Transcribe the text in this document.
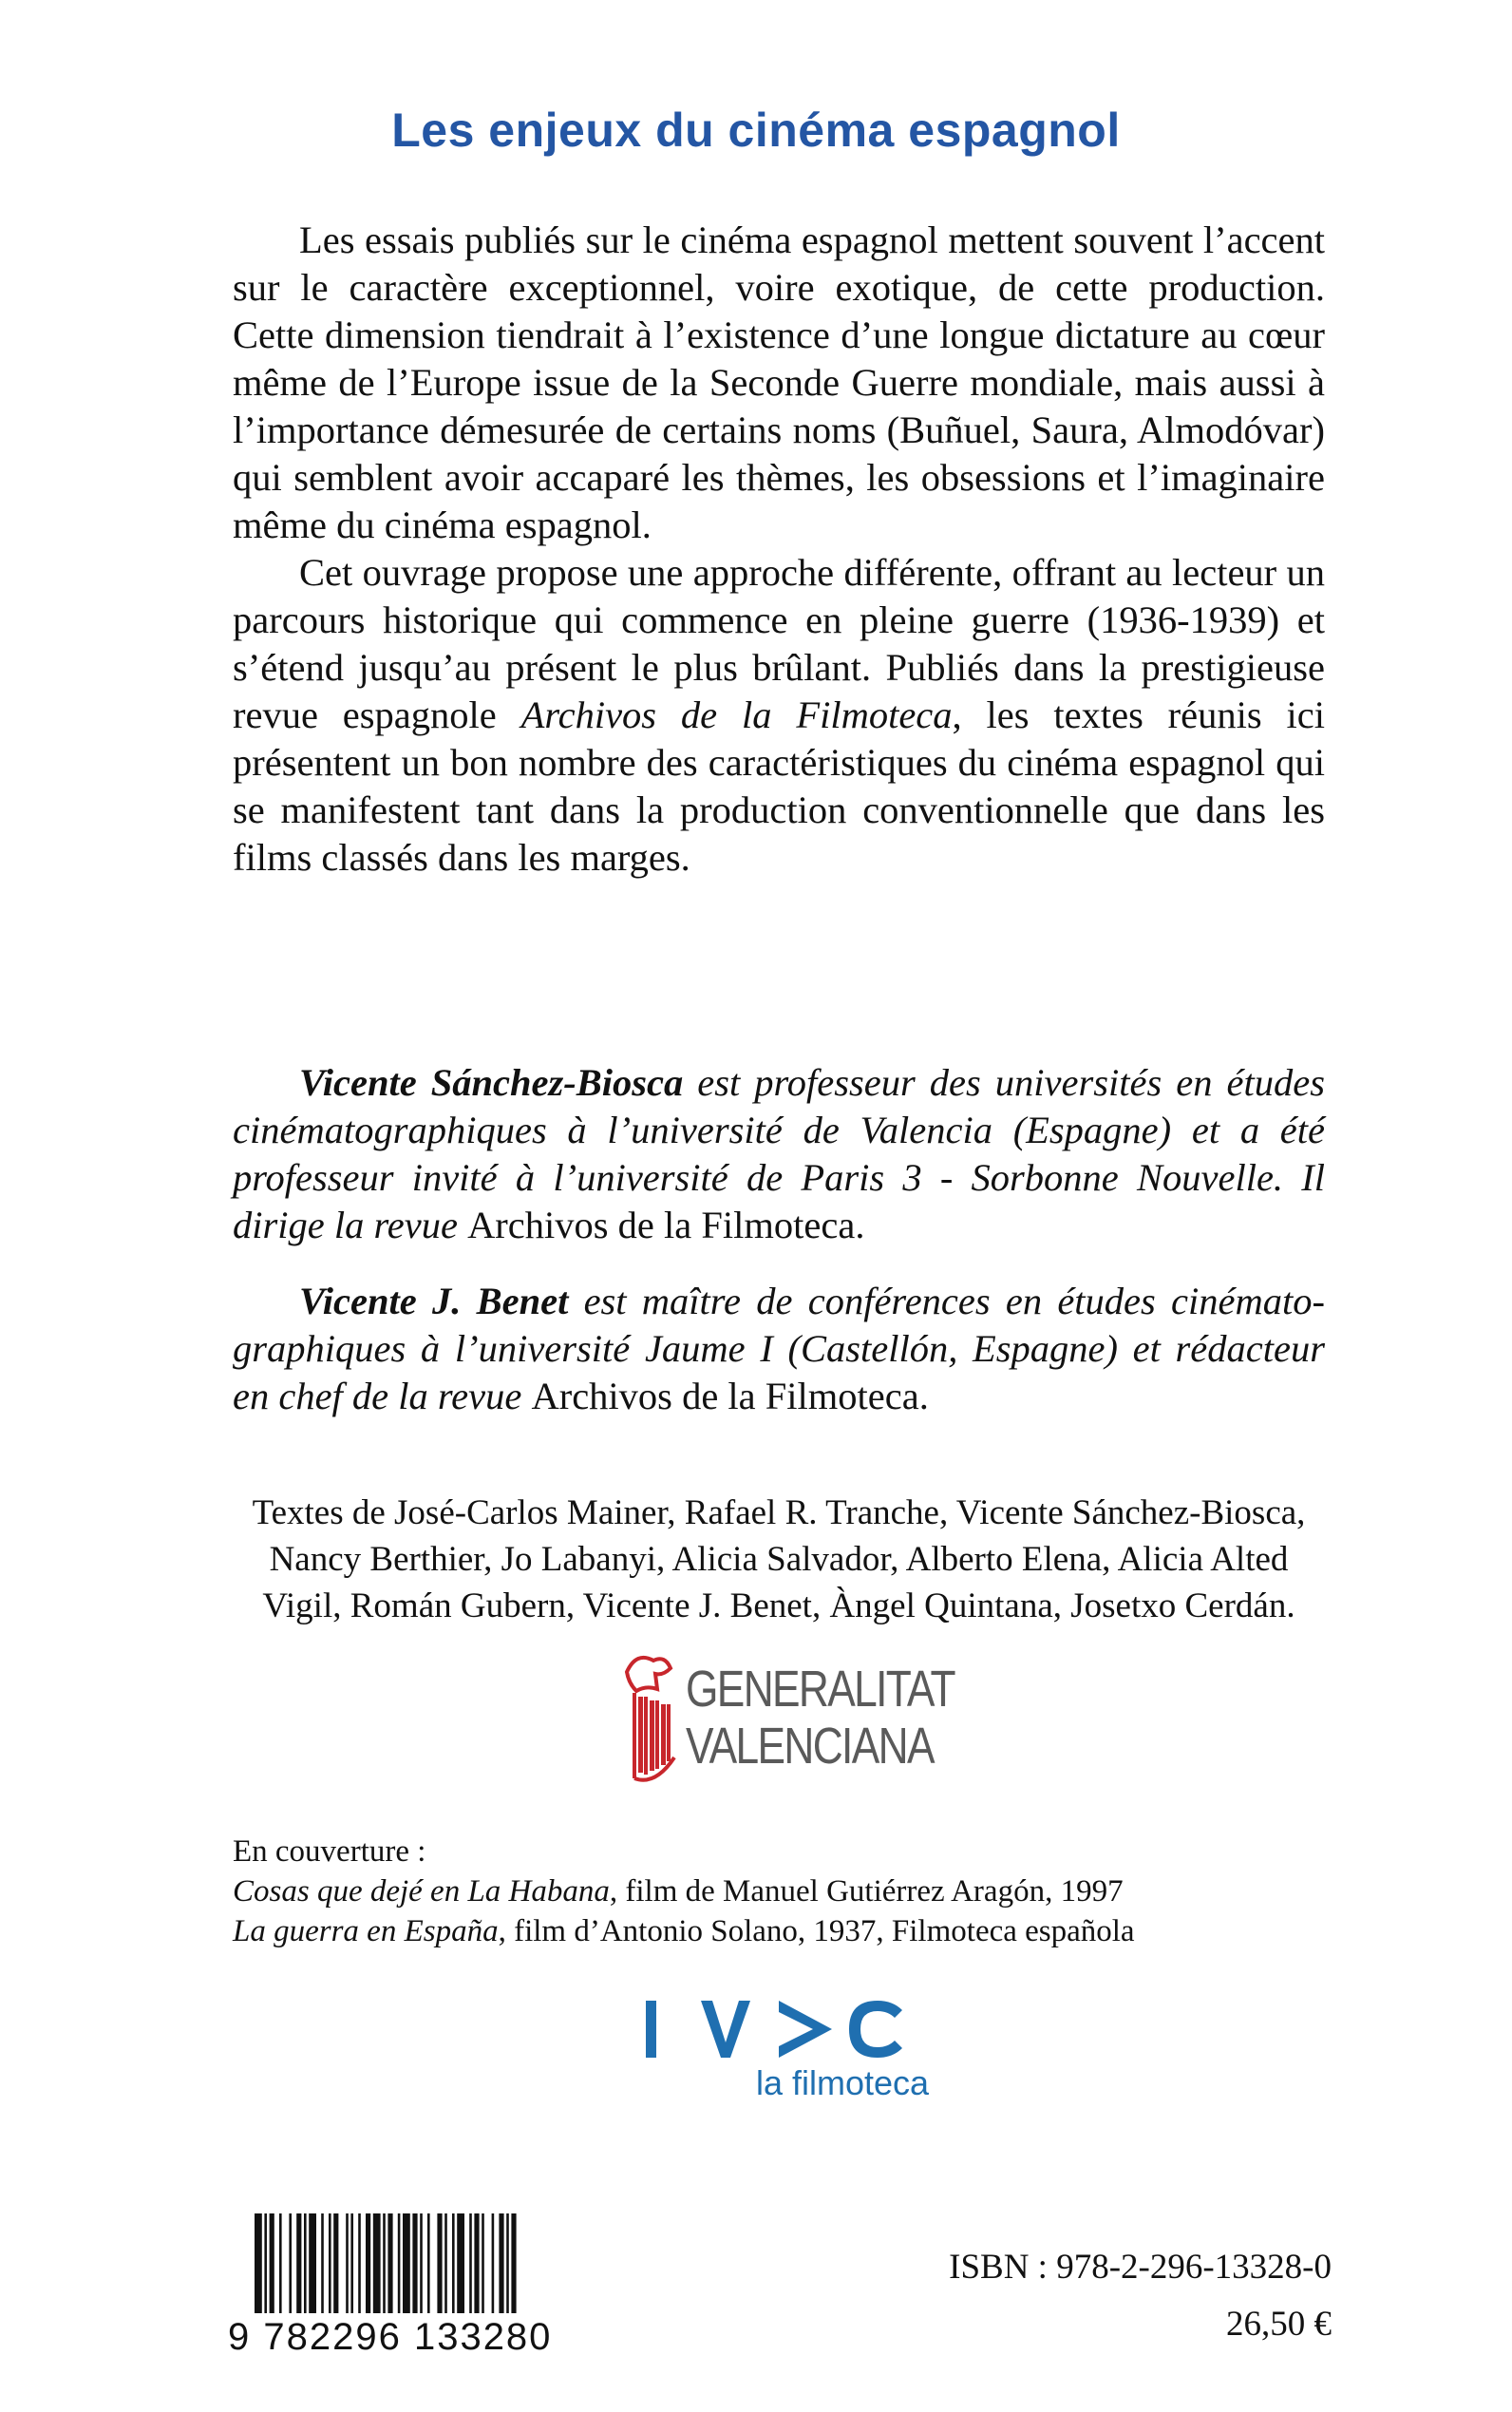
Les enjeux du cinéma espagnol

Les essais publiés sur le cinéma espagnol mettent souvent l’accent sur le caractère exceptionnel, voire exotique, de cette production. Cette dimension tiendrait à l’existence d’une longue dictature au cœur même de l’Europe issue de la Seconde Guerre mondiale, mais aussi à l’importance démesurée de certains noms (Buñuel, Saura, Almodóvar) qui semblent avoir accaparé les thèmes, les obsessions et l’imaginaire même du cinéma espagnol.

Cet ouvrage propose une approche différente, offrant au lecteur un parcours historique qui commence en pleine guerre (1936-1939) et s’étend jusqu’au présent le plus brûlant. Publiés dans la prestigieuse revue espagnole Archivos de la Filmoteca, les textes réunis ici présentent un bon nombre des caractéristiques du cinéma espagnol qui se manifestent tant dans la production conventionnelle que dans les films classés dans les marges.

Vicente Sánchez-Biosca est professeur des universités en études cinématographiques à l’université de Valencia (Espagne) et a été professeur invité à l’université de Paris 3 - Sorbonne Nouvelle. Il dirige la revue Archivos de la Filmoteca.

Vicente J. Benet est maître de conférences en études cinématographiques à l’université Jaume I (Castellón, Espagne) et rédacteur en chef de la revue Archivos de la Filmoteca.

Textes de José-Carlos Mainer, Rafael R. Tranche, Vicente Sánchez-Biosca, Nancy Berthier, Jo Labanyi, Alicia Salvador, Alberto Elena, Alicia Alted Vigil, Román Gubern, Vicente J. Benet, Àngel Quintana, Josetxo Cerdán.
GENERALITAT
VALENCIANA
En couverture :
Cosas que dejé en La Habana, film de Manuel Gutiérrez Aragón, 1997
La guerra en España, film d’Antonio Solano, 1937, Filmoteca española
la filmoteca
9 782296 133280
ISBN : 978-2-296-13328-0
26,50 €
